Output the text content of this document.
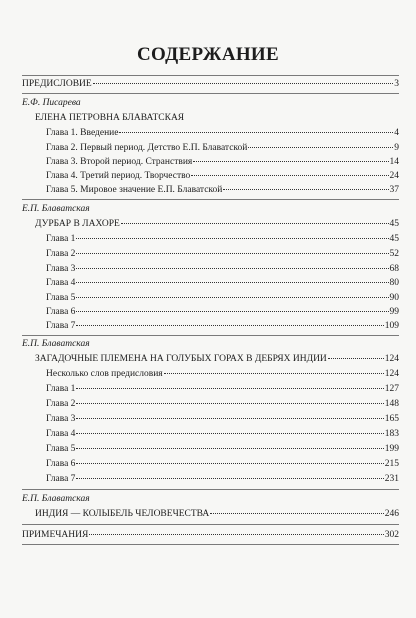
СОДЕРЖАНИЕ
ПРЕДИСЛОВИЕ	3
Е.Ф. Писарева
ЕЛЕНА ПЕТРОВНА БЛАВАТСКАЯ
Глава 1. Введение	4
Глава 2. Первый период. Детство Е.П. Блаватской	9
Глава 3. Второй период. Странствия	14
Глава 4. Третий период. Творчество	24
Глава 5. Мировое значение Е.П. Блаватской	37
Е.П. Блаватская
ДУРБАР В ЛАХОРЕ	45
Глава 1	45
Глава 2	52
Глава 3	68
Глава 4	80
Глава 5	90
Глава 6	99
Глава 7	109
Е.П. Блаватская
ЗАГАДОЧНЫЕ ПЛЕМЕНА НА ГОЛУБЫХ ГОРАХ В ДЕБРЯХ ИНДИИ	124
Несколько слов предисловия	124
Глава 1	127
Глава 2	148
Глава 3	165
Глава 4	183
Глава 5	199
Глава 6	215
Глава 7	231
Е.П. Блаватская
ИНДИЯ — КОЛЫБЕЛЬ ЧЕЛОВЕЧЕСТВА	246
ПРИМЕЧАНИЯ	302
